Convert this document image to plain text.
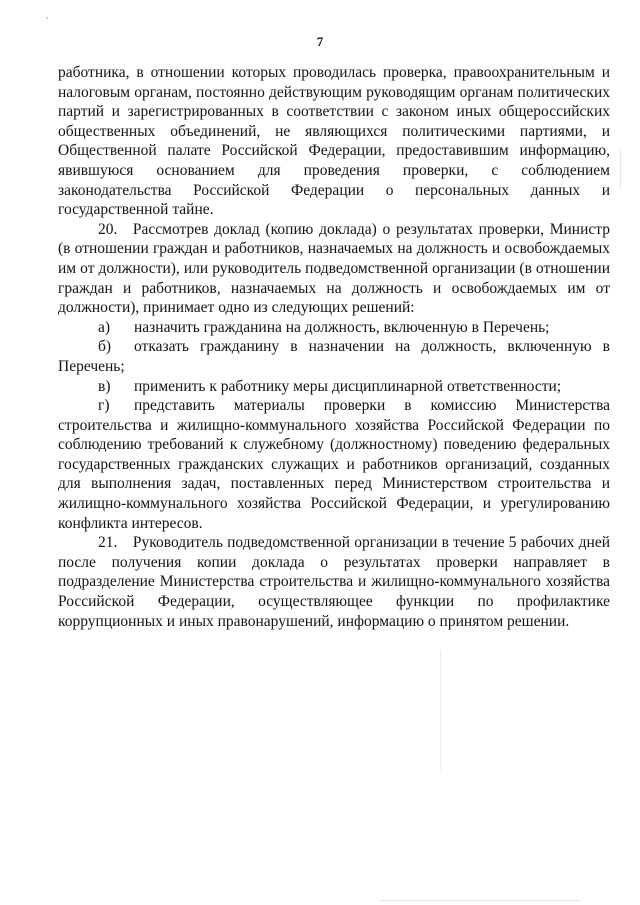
7

работника, в отношении которых проводилась проверка, правоохранительным и налоговым органам, постоянно действующим руководящим органам политических партий и зарегистрированных в соответствии с законом иных общероссийских общественных объединений, не являющихся политическими партиями, и Общественной палате Российской Федерации, предоставившим информацию, явившуюся основанием для проведения проверки, с соблюдением законодательства Российской Федерации о персональных данных и государственной тайне.

20. Рассмотрев доклад (копию доклада) о результатах проверки, Министр (в отношении граждан и работников, назначаемых на должность и освобождаемых им от должности), или руководитель подведомственной организации (в отношении граждан и работников, назначаемых на должность и освобождаемых им от должности), принимает одно из следующих решений:

а) назначить гражданина на должность, включенную в Перечень;

б) отказать гражданину в назначении на должность, включенную в Перечень;

в) применить к работнику меры дисциплинарной ответственности;

г) представить материалы проверки в комиссию Министерства строительства и жилищно-коммунального хозяйства Российской Федерации по соблюдению требований к служебному (должностному) поведению федеральных государственных гражданских служащих и работников организаций, созданных для выполнения задач, поставленных перед Министерством строительства и жилищно-коммунального хозяйства Российской Федерации, и урегулированию конфликта интересов.

21. Руководитель подведомственной организации в течение 5 рабочих дней после получения копии доклада о результатах проверки направляет в подразделение Министерства строительства и жилищно-коммунального хозяйства Российской Федерации, осуществляющее функции по профилактике коррупционных и иных правонарушений, информацию о принятом решении.
